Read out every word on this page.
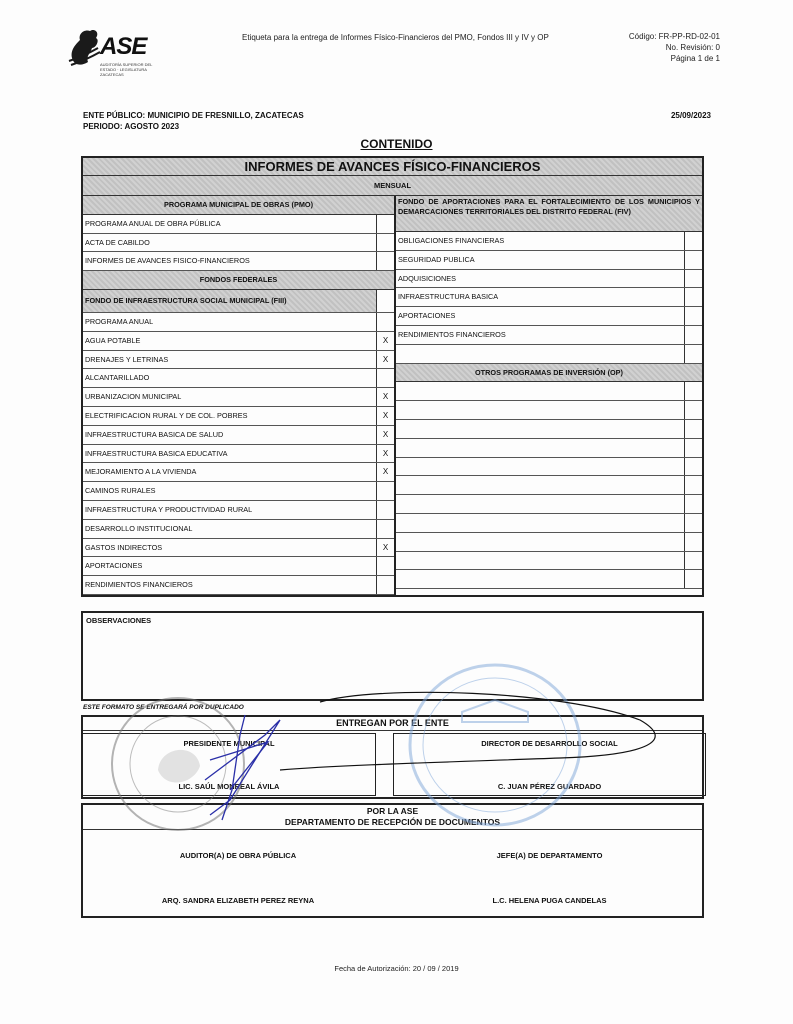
ASE
AUDITORÍA SUPERIOR DEL ESTADO · LEGISLATURA ZACATECAS
Etiqueta para la entrega de Informes Físico-Financieros del PMO, Fondos III y IV y OP	Código: FR-PP-RD-02-01
No. Revisión: 0
Página 1 de 1
ENTE PÚBLICO: MUNICIPIO DE FRESNILLO, ZACATECAS
PERIODO: AGOSTO 2023
25/09/2023
CONTENIDO
INFORMES DE AVANCES FÍSICO-FINANCIEROS
MENSUAL
PROGRAMA MUNICIPAL DE OBRAS (PMO)
PROGRAMA ANUAL DE OBRA PÚBLICA
ACTA DE CABILDO
INFORMES DE AVANCES FISICO-FINANCIEROS
FONDOS FEDERALES
FONDO DE INFRAESTRUCTURA SOCIAL MUNICIPAL (FIII)
PROGRAMA ANUAL
AGUA POTABLE	X
DRENAJES Y LETRINAS	X
ALCANTARILLADO
URBANIZACION MUNICIPAL	X
ELECTRIFICACION RURAL Y DE COL. POBRES	X
INFRAESTRUCTURA BASICA DE SALUD	X
INFRAESTRUCTURA BASICA EDUCATIVA	X
MEJORAMIENTO A LA VIVIENDA	X
CAMINOS RURALES
INFRAESTRUCTURA Y PRODUCTIVIDAD RURAL
DESARROLLO INSTITUCIONAL
GASTOS INDIRECTOS	X
APORTACIONES
RENDIMIENTOS FINANCIEROS
FONDO DE APORTACIONES PARA EL FORTALECIMIENTO DE LOS MUNICIPIOS Y DEMARCACIONES TERRITORIALES DEL DISTRITO FEDERAL (FIV)
OBLIGACIONES FINANCIERAS
SEGURIDAD PUBLICA
ADQUISICIONES
INFRAESTRUCTURA BASICA
APORTACIONES
RENDIMIENTOS FINANCIEROS
OTROS PROGRAMAS DE INVERSIÓN (OP)
OBSERVACIONES
ESTE FORMATO SE ENTREGARÁ POR DUPLICADO
ENTREGAN POR EL ENTE
PRESIDENTE MUNICIPAL
LIC. SAÚL MONREAL ÁVILA
DIRECTOR DE DESARROLLO SOCIAL
C. JUAN PÉREZ GUARDADO
POR LA ASE
DEPARTAMENTO DE RECEPCIÓN DE DOCUMENTOS
AUDITOR(A) DE OBRA PÚBLICA
ARQ. SANDRA ELIZABETH PEREZ REYNA
JEFE(A) DE DEPARTAMENTO
L.C. HELENA PUGA CANDELAS
Fecha de Autorización: 20 / 09 / 2019
